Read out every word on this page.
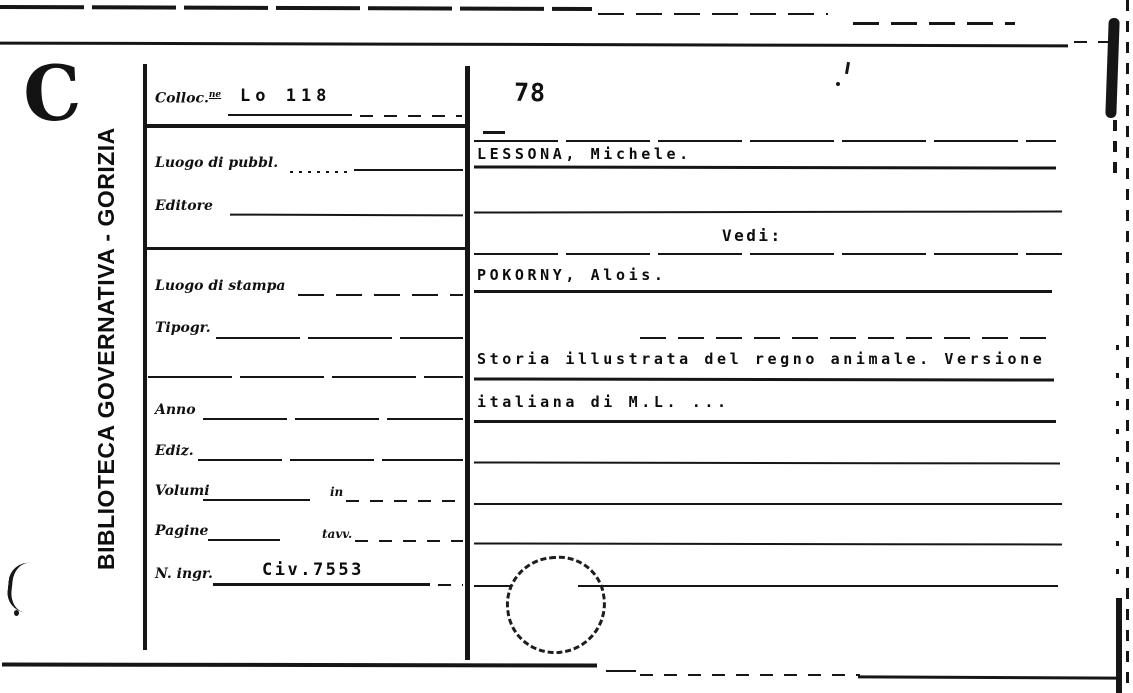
C
BIBLIOTECA GOVERNATIVA - GORIZIA
Colloc.$^{ne}$ Lo 118
Luogo di pubbl.
Editore
Luogo di stampa
Tipogr.
Anno
Ediz.
Volumi	in
Pagine	tavv.
N. ingr.	Civ.7553
78
LESSONA, Michele.
Vedi:
POKORNY, Alois.
Storia illustrata del regno animale. Versione
italiana di M.L. ...
